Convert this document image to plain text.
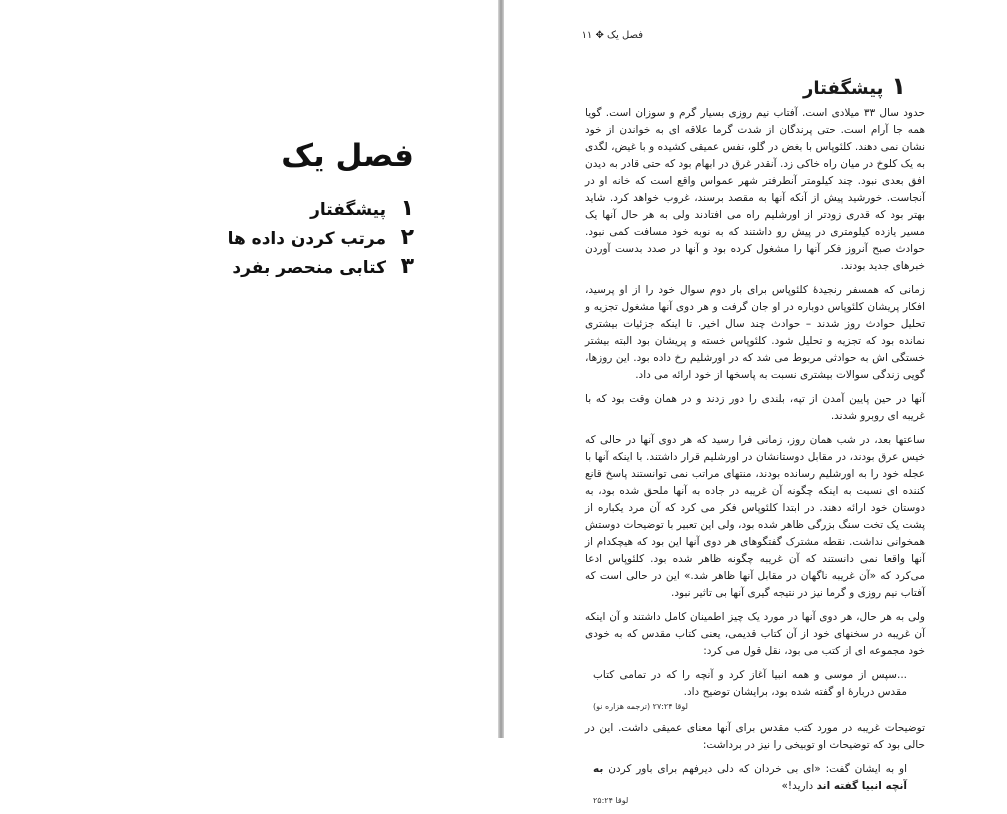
فصل یک
۱پیشگفتار
۲مرتب کردن داده ها
۳کتابی منحصر بفرد
فصل یک ✥ ۱۱
۱پیشگفتار

حدود سال ۳۳ میلادی است. آفتاب نیم روزی بسیار گرم و سوزان است. گویا همه جا آرام است. حتی پرندگان از شدت گرما علاقه ای به خواندن از خود نشان نمی دهند. کلئوپاس با بغض در گلو، نفس عمیقی کشیده و با غیض، لگدی به یک کلوخ در میان راه خاکی زد. آنقدر غرق در ابهام بود که حتی قادر به دیدن افق بعدی نبود. چند کیلومتر آنطرفتر شهر عمواس واقع است که خانه او در آنجاست. خورشید پیش از آنکه آنها به مقصد برسند، غروب خواهد کرد. شاید بهتر بود که قدری زودتر از اورشلیم راه می افتادند ولی به هر حال آنها یک مسیر یازده کیلومتری در پیش رو داشتند که به نوبه خود مسافت کمی نبود. حوادث صبح آنروز فکر آنها را مشغول کرده بود و آنها در صدد بدست آوردن خبرهای جدید بودند.

زمانی که همسفر رنجیدهٔ کلئوپاس برای بار دوم سوال خود را از او پرسید، افکار پریشان کلئوپاس دوباره در او جان گرفت و هر دوی آنها مشغول تجزیه و تحلیل حوادث روز شدند – حوادث چند سال اخیر. تا اینکه جزئیات بیشتری نمانده بود که تجزیه و تحلیل شود. کلئوپاس خسته و پریشان بود البته بیشتر خستگی اش به حوادثی مربوط می شد که در اورشلیم رخ داده بود. این روزها، گویی زندگی سوالات بیشتری نسبت به پاسخها از خود ارائه می داد.

آنها در حین پایین آمدن از تپه، بلندی را دور زدند و در همان وقت بود که با غریبه ای روبرو شدند.

ساعتها بعد، در شب همان روز، زمانی فرا رسید که هر دوی آنها در حالی که خیس عرق بودند، در مقابل دوستانشان در اورشلیم قرار داشتند. با اینکه آنها با عجله خود را به اورشلیم رسانده بودند، منتهای مراتب نمی توانستند پاسخ قانع کننده ای نسبت به اینکه چگونه آن غریبه در جاده به آنها ملحق شده بود، به دوستان خود ارائه دهند. در ابتدا کلئوپاس فکر می کرد که آن مرد یکباره از پشت یک تخت سنگ بزرگی ظاهر شده بود، ولی این تعبیر با توضیحات دوستش همخوانی نداشت. نقطه مشترک گفتگوهای هر دوی آنها این بود که هیچکدام از آنها واقعا نمی دانستند که آن غریبه چگونه ظاهر شده بود. کلئوپاس ادعا می‌کرد که «آن غریبه ناگهان در مقابل آنها ظاهر شد.» این در حالی است که آفتاب نیم روزی و گرما نیز در نتیجه گیری آنها بی تاثیر نبود.

ولی به هر حال، هر دوی آنها در مورد یک چیز اطمینان کامل داشتند و آن اینکه آن غریبه در سخنهای خود از آن کتاب قدیمی، یعنی کتاب مقدس که به خودی خود مجموعه ای از کتب می بود، نقل قول می کرد:

...سپس از موسی و همه انبیا آغاز کرد و آنچه را که در تمامی کتاب مقدس دربارهٔ او گفته شده بود، برایشان توضیح داد.
لوقا ۲۷:۲۴ (ترجمه هزاره نو)

توضیحات غریبه در مورد کتب مقدس برای آنها معنای عمیقی داشت. این در حالی بود که توضیحات او توبیخی را نیز در برداشت:

او به ایشان گفت: «ای بی خردان که دلی دیرفهم برای باور کردن به آنچه انبیا گفته اند دارید!»
لوقا ۲۵:۲۴
